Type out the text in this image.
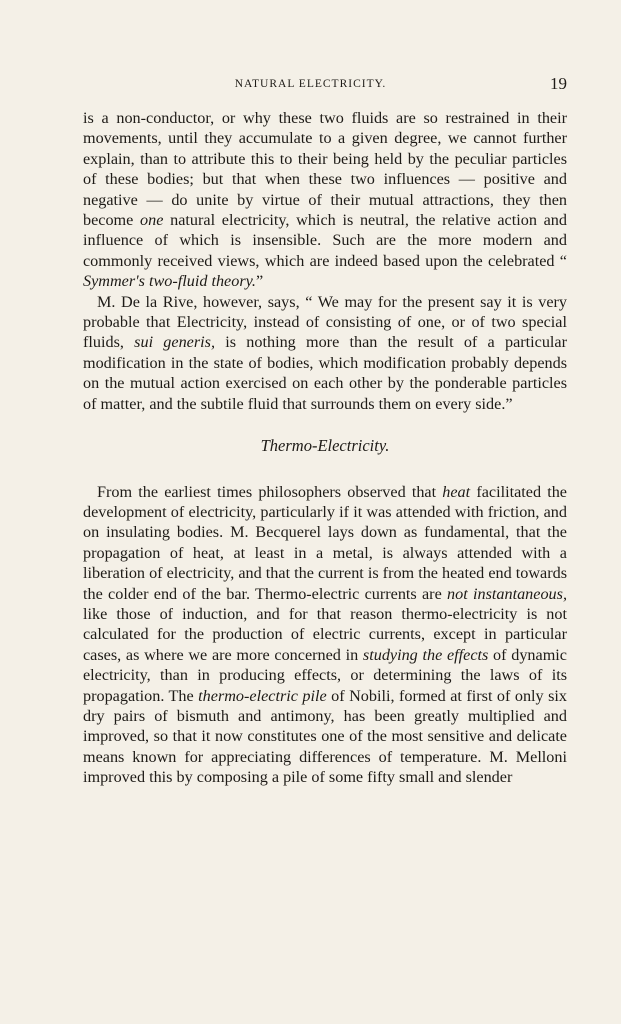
NATURAL ELECTRICITY.	19

is a non-conductor, or why these two fluids are so restrained in their movements, until they accumulate to a given degree, we cannot further explain, than to attribute this to their being held by the peculiar particles of these bodies; but that when these two influences — positive and negative — do unite by virtue of their mutual attractions, they then become one natural electricity, which is neutral, the relative action and influence of which is insensible. Such are the more modern and commonly received views, which are indeed based upon the celebrated “ Symmer's two-fluid theory.”

M. De la Rive, however, says, “ We may for the present say it is very probable that Electricity, instead of consisting of one, or of two special fluids, sui generis, is nothing more than the result of a particular modification in the state of bodies, which modification probably depends on the mutual action exercised on each other by the ponderable particles of matter, and the subtile fluid that surrounds them on every side.”

Thermo-Electricity.

From the earliest times philosophers observed that heat facilitated the development of electricity, particularly if it was attended with friction, and on insulating bodies. M. Becquerel lays down as fundamental, that the propagation of heat, at least in a metal, is always attended with a liberation of electricity, and that the current is from the heated end towards the colder end of the bar. Thermo-electric currents are not instantaneous, like those of induction, and for that reason thermo-electricity is not calculated for the production of electric currents, except in particular cases, as where we are more concerned in studying the effects of dynamic electricity, than in producing effects, or determining the laws of its propagation. The thermo-electric pile of Nobili, formed at first of only six dry pairs of bismuth and antimony, has been greatly multiplied and improved, so that it now constitutes one of the most sensitive and delicate means known for appreciating differences of temperature. M. Melloni improved this by composing a pile of some fifty small and slender
